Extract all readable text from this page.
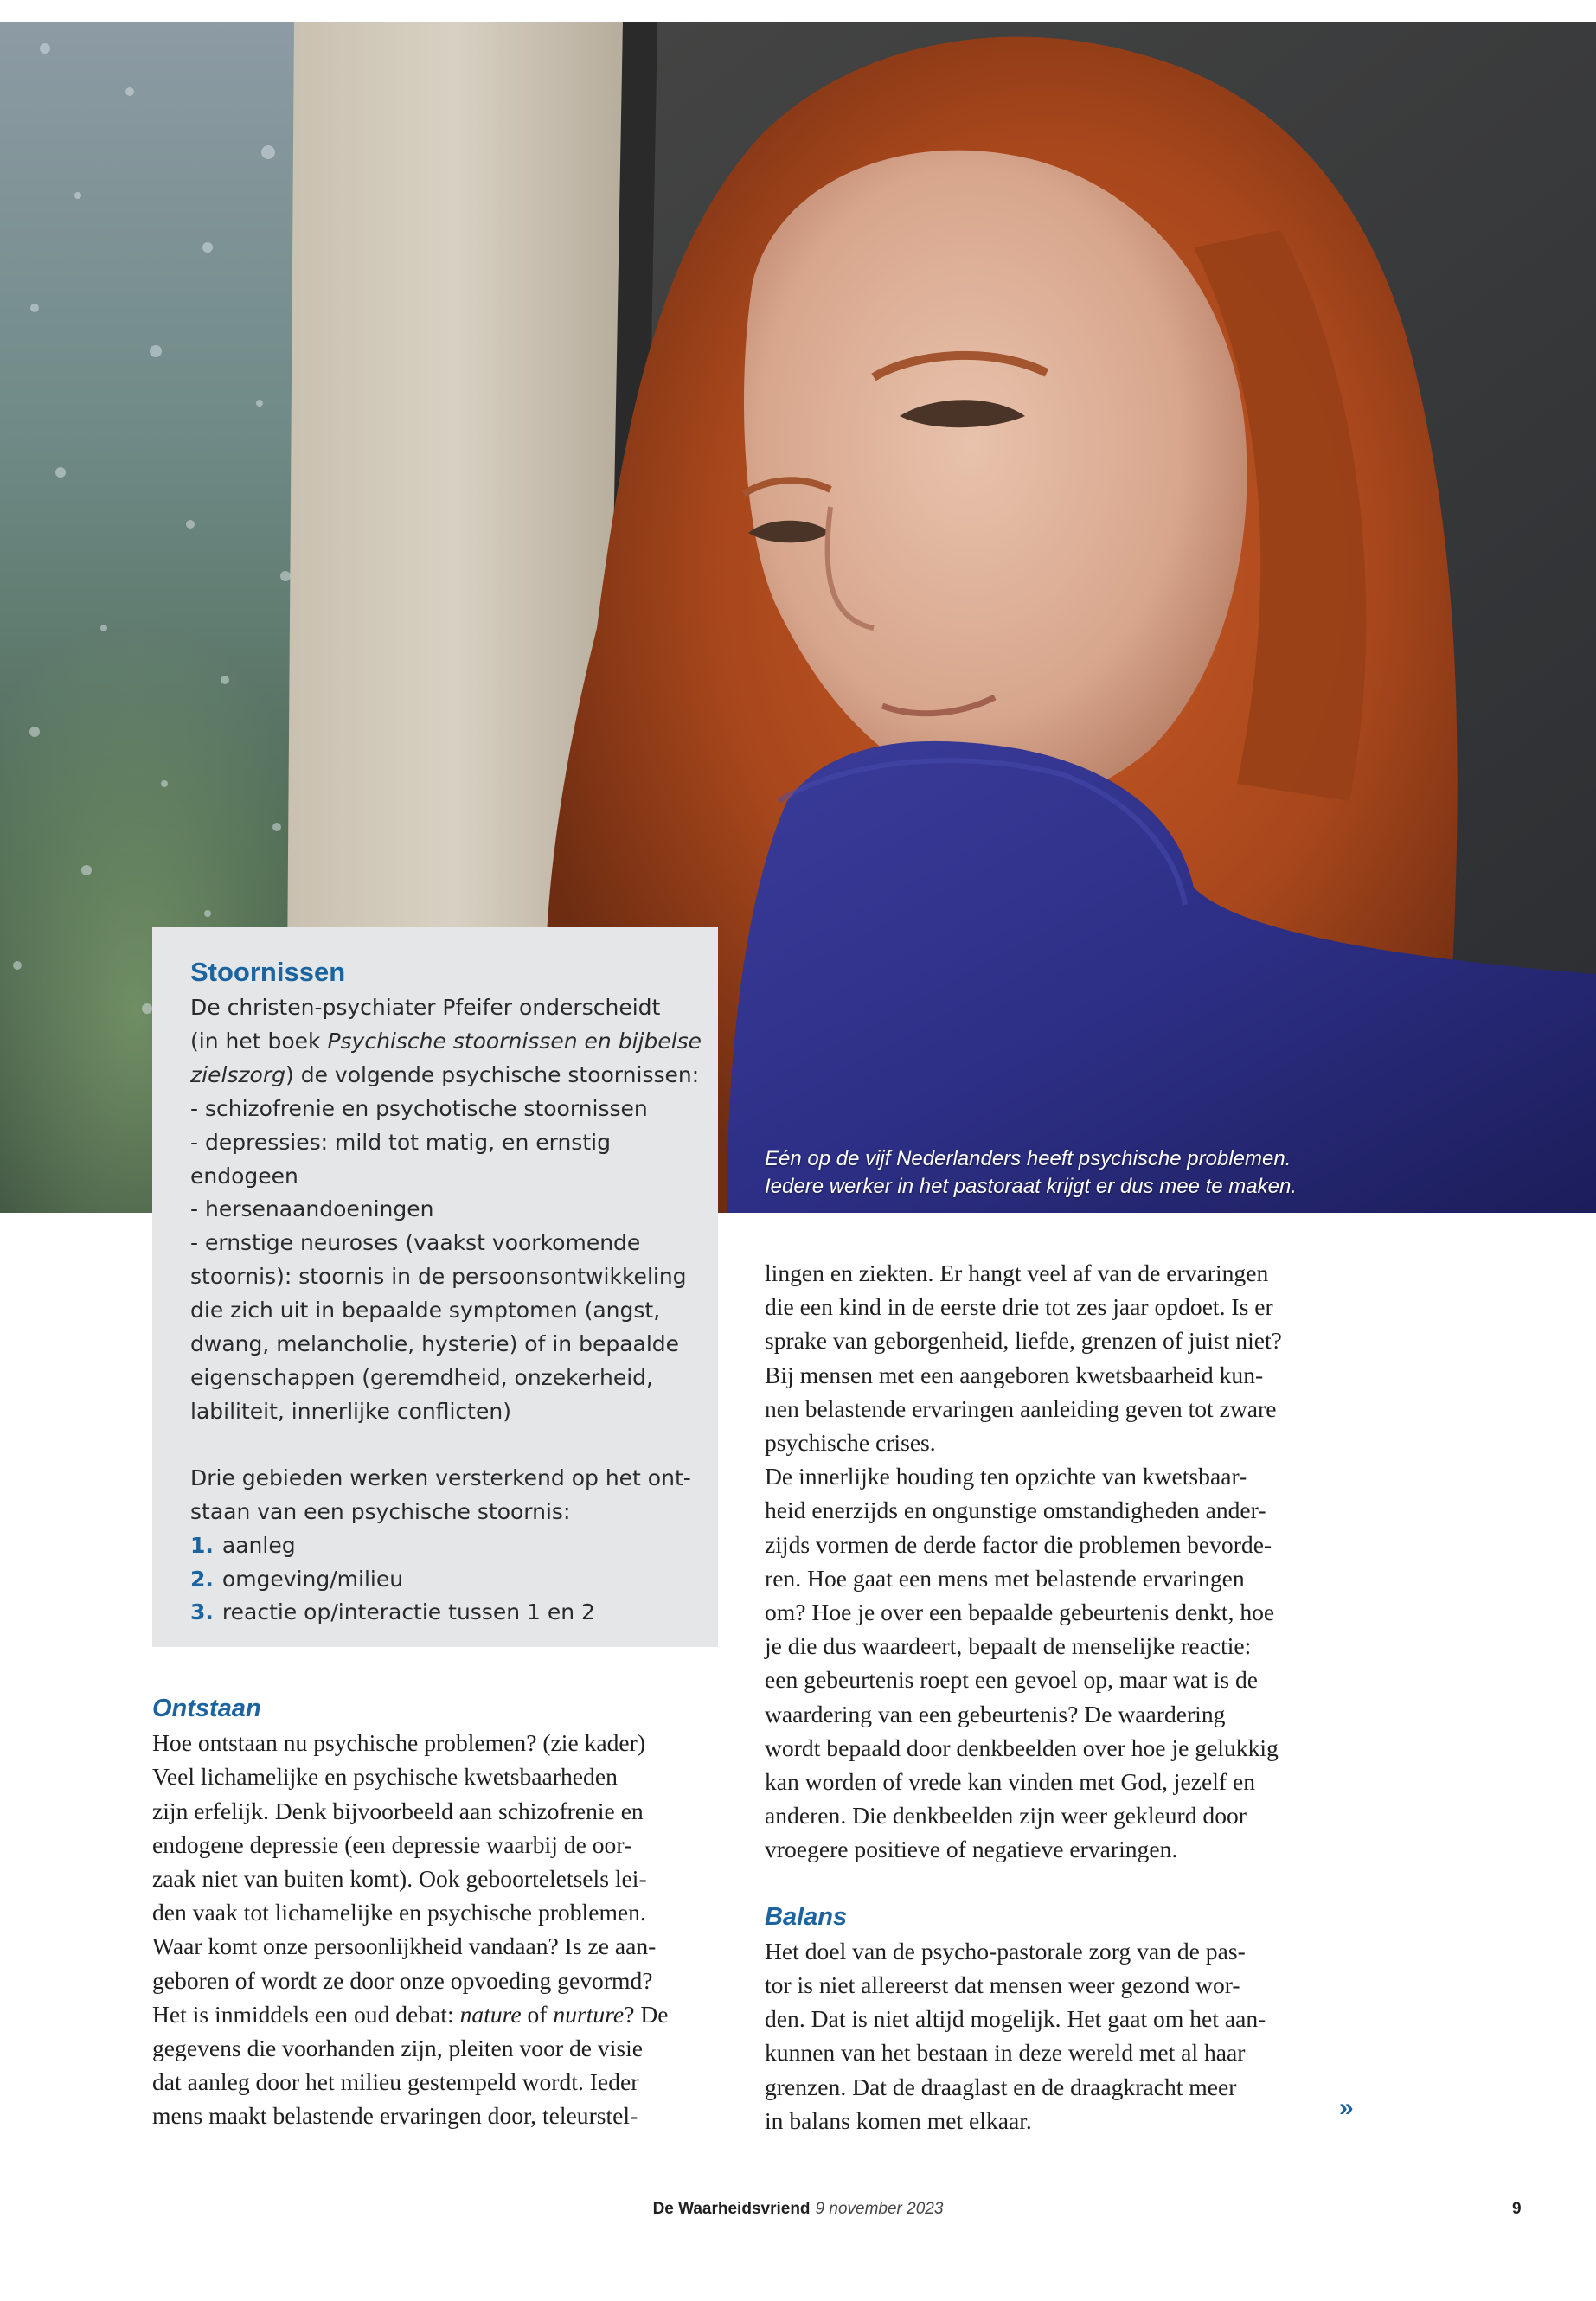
Eén op de vijf Nederlanders heeft psychische problemen.
Iedere werker in het pastoraat krijgt er dus mee te maken.
Stoornissen
De christen-psychiater Pfeifer onderscheidt
(in het boek Psychische stoornissen en bijbelse
zielszorg) de volgende psychische stoornissen:
- schizofrenie en psychotische stoornissen
- depressies: mild tot matig, en ernstig
endogeen
- hersenaandoeningen
- ernstige neuroses (vaakst voorkomende
stoornis): stoornis in de persoonsontwikkeling
die zich uit in bepaalde symptomen (angst,
dwang, melancholie, hysterie) of in bepaalde
eigenschappen (geremdheid, onzekerheid,
labiliteit, innerlijke conflicten)
Drie gebieden werken versterkend op het ont-
staan van een psychische stoornis:
1. aanleg
2. omgeving/milieu
3. reactie op/interactie tussen 1 en 2
Ontstaan
Hoe ontstaan nu psychische problemen? (zie kader)
Veel lichamelijke en psychische kwetsbaarheden
zijn erfelijk. Denk bijvoorbeeld aan schizofrenie en
endogene depressie (een depressie waarbij de oor-
zaak niet van buiten komt). Ook geboorteletsels lei-
den vaak tot lichamelijke en psychische problemen.
Waar komt onze persoonlijkheid vandaan? Is ze aan-
geboren of wordt ze door onze opvoeding gevormd?
Het is inmiddels een oud debat: nature of nurture? De
gegevens die voorhanden zijn, pleiten voor de visie
dat aanleg door het milieu gestempeld wordt. Ieder
mens maakt belastende ervaringen door, teleurstel-
lingen en ziekten. Er hangt veel af van de ervaringen
die een kind in de eerste drie tot zes jaar opdoet. Is er
sprake van geborgenheid, liefde, grenzen of juist niet?
Bij mensen met een aangeboren kwetsbaarheid kun-
nen belastende ervaringen aanleiding geven tot zware
psychische crises.
De innerlijke houding ten opzichte van kwetsbaar-
heid enerzijds en ongunstige omstandigheden ander-
zijds vormen de derde factor die problemen bevorde-
ren. Hoe gaat een mens met belastende ervaringen
om? Hoe je over een bepaalde gebeurtenis denkt, hoe
je die dus waardeert, bepaalt de menselijke reactie:
een gebeurtenis roept een gevoel op, maar wat is de
waardering van een gebeurtenis? De waardering
wordt bepaald door denkbeelden over hoe je gelukkig
kan worden of vrede kan vinden met God, jezelf en
anderen. Die denkbeelden zijn weer gekleurd door
vroegere positieve of negatieve ervaringen.
Balans
Het doel van de psycho-pastorale zorg van de pas-
tor is niet allereerst dat mensen weer gezond wor-
den. Dat is niet altijd mogelijk. Het gaat om het aan-
kunnen van het bestaan in deze wereld met al haar
grenzen. Dat de draaglast en de draagkracht meer
in balans komen met elkaar.	»
De Waarheidsvriend 9 november 2023	9
